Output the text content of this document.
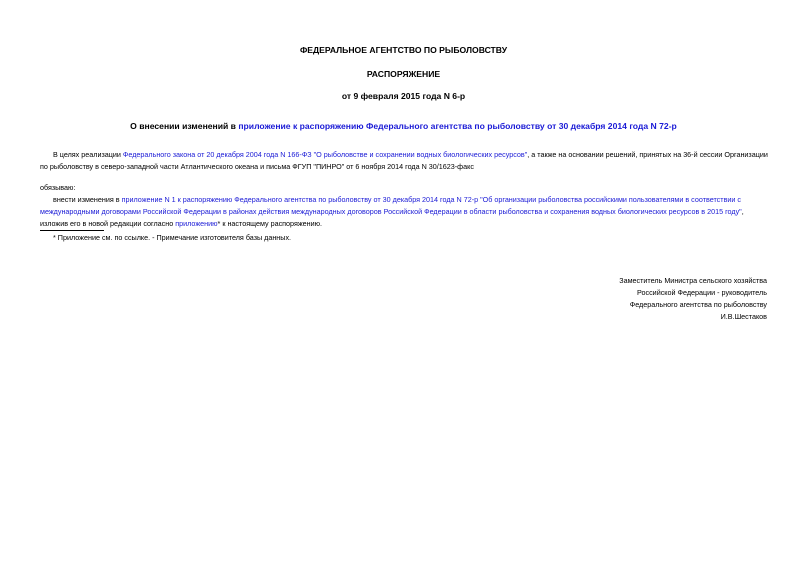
ФЕДЕРАЛЬНОЕ АГЕНТСТВО ПО РЫБОЛОВСТВУ
РАСПОРЯЖЕНИЕ
от 9 февраля 2015 года N 6-р
О внесении изменений в приложение к распоряжению Федерального агентства по рыболовству от 30 декабря 2014 года N 72-р
В целях реализации Федерального закона от 20 декабря 2004 года N 166-ФЗ "О рыболовстве и сохранении водных биологических ресурсов", а также на основании решений, принятых на 36-й сессии Организации
по рыболовству в северо-западной части Атлантического океана и письма ФГУП "ПИНРО" от 6 ноября 2014 года N 30/1623-факс
обязываю:
внести изменения в приложение N 1 к распоряжению Федерального агентства по рыболовству от 30 декабря 2014 года N 72-р "Об организации рыболовства российскими пользователями в соответствии с
международными договорами Российской Федерации в районах действия международных договоров Российской Федерации в области рыболовства и сохранения водных биологических ресурсов в 2015 году",
изложив его в новой редакции согласно приложению* к настоящему распоряжению.
* Приложение см. по ссылке. - Примечание изготовителя базы данных.
Заместитель Министра сельского хозяйства
Российской Федерации - руководитель
Федерального агентства по рыболовству
И.В.Шестаков
